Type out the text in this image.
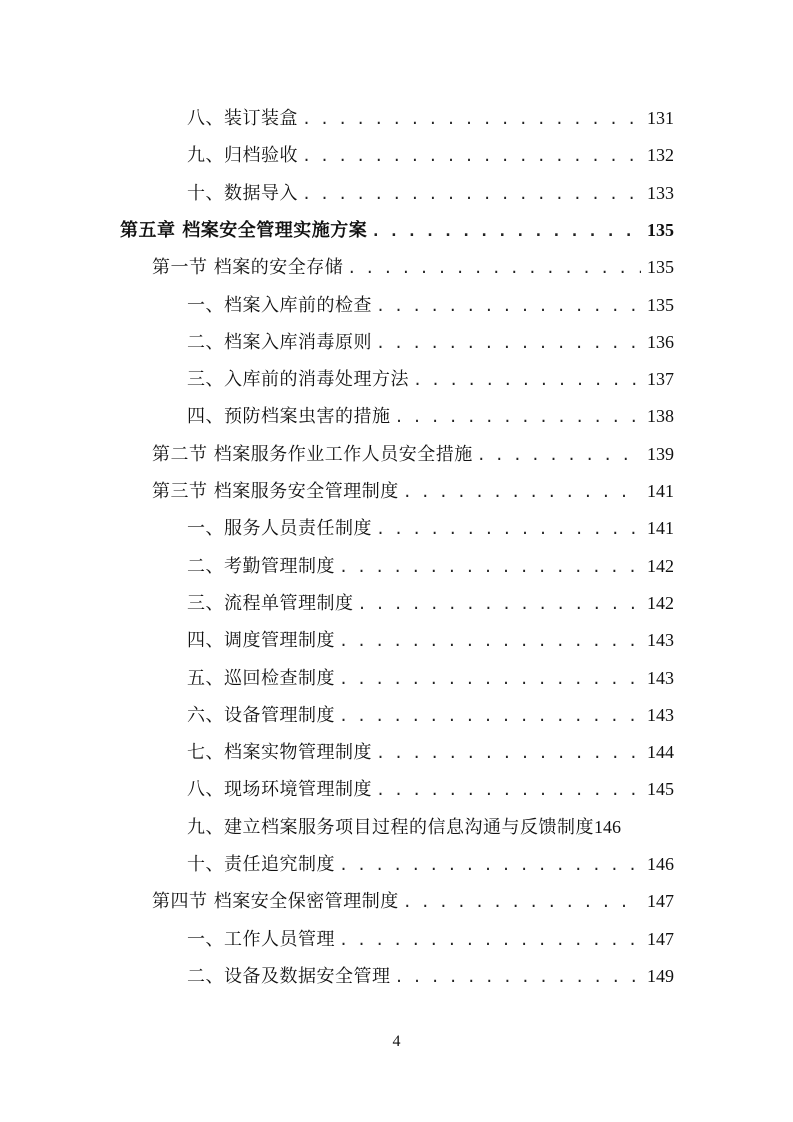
八、装订装盒 . . .	131
九、归档验收 . . .	132
十、数据导入 . . .	133
第五章 档案安全管理实施方案 . . .	135
第一节 档案的安全存储 . . .	135
一、档案入库前的检查 . . .	135
二、档案入库消毒原则 . . .	136
三、入库前的消毒处理方法 . . .	137
四、预防档案虫害的措施 . . .	138
第二节 档案服务作业工作人员安全措施 . . .	139
第三节 档案服务安全管理制度 . . .	141
一、服务人员责任制度 . . .	141
二、考勤管理制度 . . .	142
三、流程单管理制度 . . .	142
四、调度管理制度 . . .	143
五、巡回检查制度 . . .	143
六、设备管理制度 . . .	143
七、档案实物管理制度 . . .	144
八、现场环境管理制度 . . .	145
九、建立档案服务项目过程的信息沟通与反馈制度 146
十、责任追究制度 . . .	146
第四节 档案安全保密管理制度 . . .	147
一、工作人员管理 . . .	147
二、设备及数据安全管理 . . .	149
4
